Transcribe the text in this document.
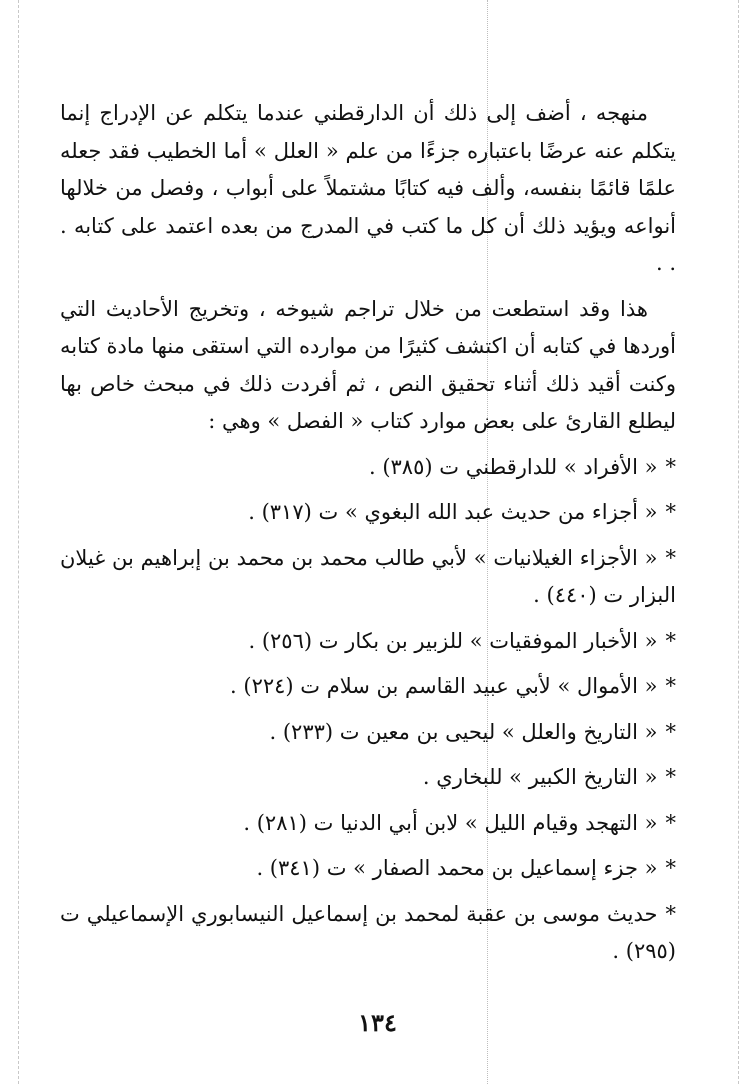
منهجه ، أضف إلى ذلك أن الدارقطني عندما يتكلم عن الإدراج إنما يتكلم عنه عرضًا باعتباره جزءًا من علم « العلل » أما الخطيب فقد جعله علمًا قائمًا بنفسه، وألف فيه كتابًا مشتملاً على أبواب ، وفصل من خلالها أنواعه ويؤيد ذلك أن كل ما كتب في المدرج من بعده اعتمد على كتابه . . .

هذا وقد استطعت من خلال تراجم شيوخه ، وتخريج الأحاديث التي أوردها في كتابه أن اكتشف كثيرًا من موارده التي استقى منها مادة كتابه وكنت أقيد ذلك أثناء تحقيق النص ، ثم أفردت ذلك في مبحث خاص بها ليطلع القارئ على بعض موارد كتاب « الفصل » وهي :

*« الأفراد » للدارقطني ت (٣٨٥) .
*« أجزاء من حديث عبد الله البغوي » ت (٣١٧) .
*« الأجزاء الغيلانيات » لأبي طالب محمد بن محمد بن إبراهيم بن غيلان البزار ت (٤٤٠) .
*« الأخبار الموفقيات » للزبير بن بكار ت (٢٥٦) .
*« الأموال » لأبي عبيد القاسم بن سلام ت (٢٢٤) .
*« التاريخ والعلل » ليحيى بن معين ت (٢٣٣) .
*« التاريخ الكبير » للبخاري .
*« التهجد وقيام الليل » لابن أبي الدنيا ت (٢٨١) .
*« جزء إسماعيل بن محمد الصفار » ت (٣٤١) .
*حديث موسى بن عقبة لمحمد بن إسماعيل النيسابوري الإسماعيلي ت (٢٩٥) .
١٣٤
